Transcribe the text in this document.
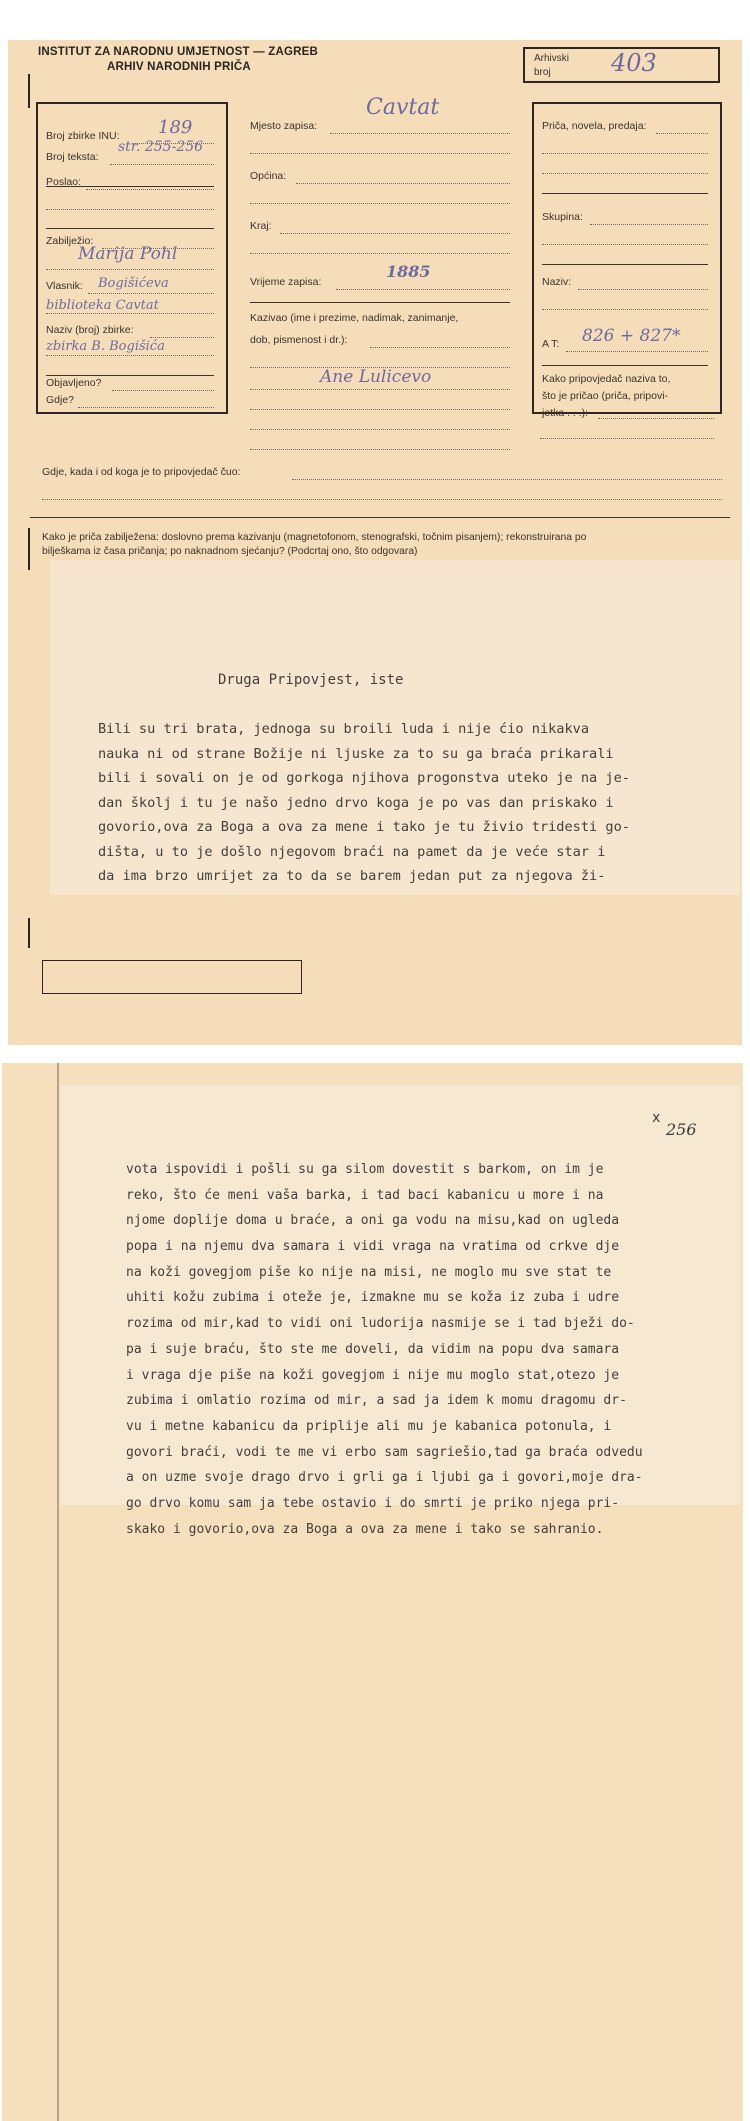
INSTITUT ZA NARODNU UMJETNOST — ZAGREB
ARHIV NARODNIH PRIČA
Arhivski
broj	403
Broj zbirke INU: 189
Broj teksta:
str. 255-256
Poslao:
Zabilježio:
Marija Pohl
Vlasnik: Bogišićeva
biblioteka Cavtat
Naziv (broj) zbirke:
zbirka B. Bogišića
Objavljeno?
Gdje?
Mjesto zapisa:
Cavtat
Općina:
Kraj:
Vrijeme zapisa:
1885
Kazivao (ime i prezime, nadimak, zanimanje,
dob, pismenost i dr.):
Ane Lulicevo
Priča, novela, predaja:
Skupina:
Naziv:
A T: 826 + 827*
Kako pripovjedač naziva to,
što je pričao (priča, pripovi-
jetka . . .):
Gdje, kada i od koga je to pripovjedač čuo:
Kako je priča zabilježena: doslovno prema kazivanju (magnetofonom, stenografski, točnim pisanjem); rekonstruirana po
bilješkama iz časa pričanja; po naknadnom sjećanju? (Podcrtaj ono, što odgovara)
Druga Pripovjest, iste
Bili su tri brata, jednoga su broili luda i nije ćio nikakva
nauka ni od strane Božije ni ljuske za to su ga braća prikarali
bili i sovali on je od gorkoga njihova progonstva uteko je na je-
dan školj i tu je našo jedno drvo koga je po vas dan priskako i
govorio,ova za Boga a ova za mene i tako je tu živio tridesti go-
dišta, u to je došlo njegovom braći na pamet da je veće star i
da ima brzo umrijet za to da se barem jedan put za njegova ži-
x
256
vota ispovidi i pošli su ga silom dovestit s barkom, on im je
reko, što će meni vaša barka, i tad baci kabanicu u more i na
njome doplije doma u braće, a oni ga vodu na misu,kad on ugleda
popa i na njemu dva samara i vidi vraga na vratima od crkve dje
na koži govegjom piše ko nije na misi, ne moglo mu sve stat te
uhiti kožu zubima i oteže je, izmakne mu se koža iz zuba i udre
rozima od mir,kad to vidi oni ludorija nasmije se i tad bježi do-
pa i suje braću, što ste me doveli, da vidim na popu dva samara
i vraga dje piše na koži govegjom i nije mu moglo stat,otezo je
zubima i omlatio rozima od mir, a sad ja idem k momu dragomu dr-
vu i metne kabanicu da priplije ali mu je kabanica potonula, i
govori braći, vodi te me vi erbo sam sagriešio,tad ga braća odvedu
a on uzme svoje drago drvo i grli ga i ljubi ga i govori,moje dra-
go drvo komu sam ja tebe ostavio i do smrti je priko njega pri-
skako i govorio,ova za Boga a ova za mene i tako se sahranio.
